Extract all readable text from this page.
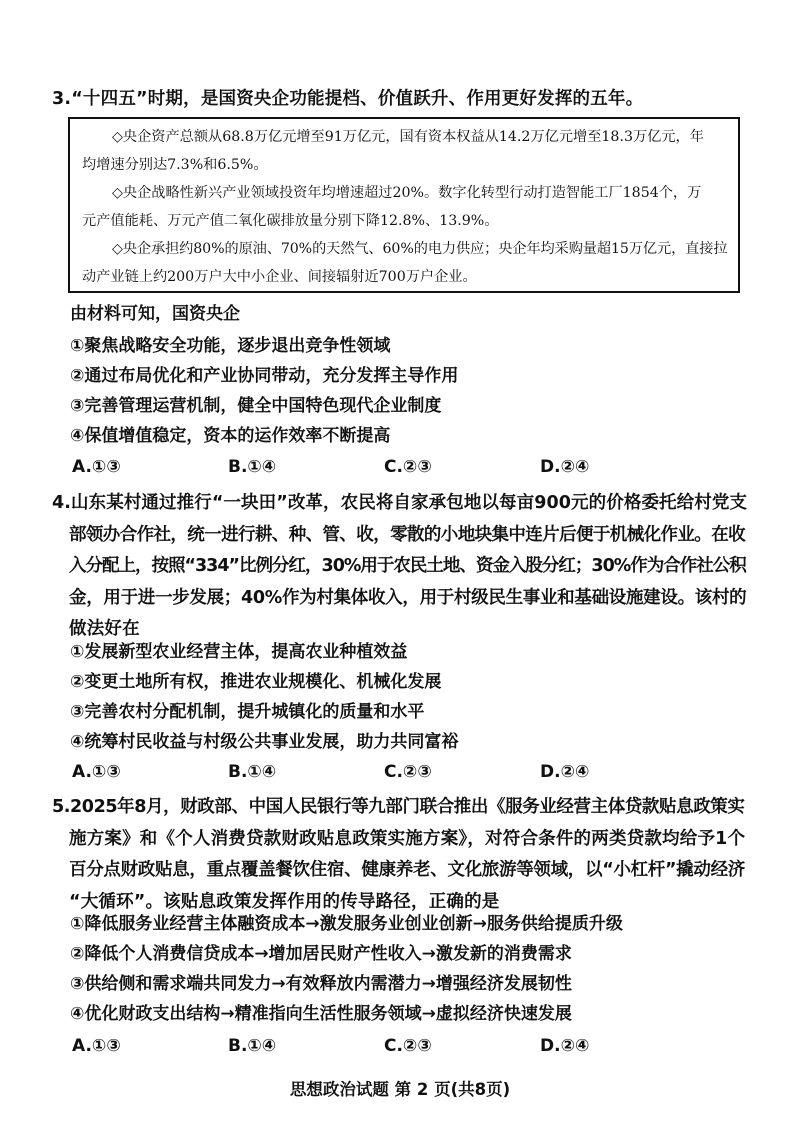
3.“十四五”时期，是国资央企功能提档、价值跃升、作用更好发挥的五年。
◇央企资产总额从68.8万亿元增至91万亿元，国有资本权益从14.2万亿元增至18.3万亿元，年
均增速分别达7.3%和6.5%。
◇央企战略性新兴产业领域投资年均增速超过20%。数字化转型行动打造智能工厂1854个，万
元产值能耗、万元产值二氧化碳排放量分别下降12.8%、13.9%。
◇央企承担约80%的原油、70%的天然气、60%的电力供应；央企年均采购量超15万亿元，直接拉
动产业链上约200万户大中小企业、间接辐射近700万户企业。
由材料可知，国资央企
①聚焦战略安全功能，逐步退出竞争性领域
②通过布局优化和产业协同带动，充分发挥主导作用
③完善管理运营机制，健全中国特色现代企业制度
④保值增值稳定，资本的运作效率不断提高
A.①③	B.①④	C.②③	D.②④
4.山东某村通过推行“一块田”改革，农民将自家承包地以每亩900元的价格委托给村党支
部领办合作社，统一进行耕、种、管、收，零散的小地块集中连片后便于机械化作业。在收
入分配上，按照“334”比例分红，30%用于农民土地、资金入股分红；30%作为合作社公积
金，用于进一步发展；40%作为村集体收入，用于村级民生事业和基础设施建设。该村的
做法好在
①发展新型农业经营主体，提高农业种植效益
②变更土地所有权，推进农业规模化、机械化发展
③完善农村分配机制，提升城镇化的质量和水平
④统筹村民收益与村级公共事业发展，助力共同富裕
A.①③	B.①④	C.②③	D.②④
5.2025年8月，财政部、中国人民银行等九部门联合推出《服务业经营主体贷款贴息政策实
施方案》和《个人消费贷款财政贴息政策实施方案》，对符合条件的两类贷款均给予1个
百分点财政贴息，重点覆盖餐饮住宿、健康养老、文化旅游等领域，以“小杠杆”撬动经济
“大循环”。该贴息政策发挥作用的传导路径，正确的是
①降低服务业经营主体融资成本→激发服务业创业创新→服务供给提质升级
②降低个人消费信贷成本→增加居民财产性收入→激发新的消费需求
③供给侧和需求端共同发力→有效释放内需潜力→增强经济发展韧性
④优化财政支出结构→精准指向生活性服务领域→虚拟经济快速发展
A.①③	B.①④	C.②③	D.②④
思想政治试题 第 2 页(共8页)
